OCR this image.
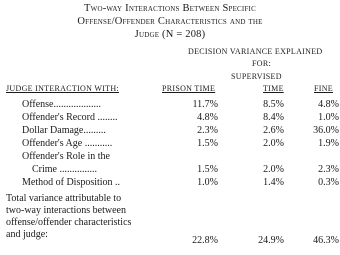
Two-way Interactions Between Specific
Offense/Offender Characteristics and the
Judge (N = 208)
DECISION VARIANCE EXPLAINED
FOR:
SUPERVISED
JUDGE INTERACTION WITH:	PRISON TIME	TIME	FINE
Offense...................	11.7%	8.5%	4.8%
Offender's Record ........	4.8%	8.4%	1.0%
Dollar Damage.........	2.3%	2.6%	36.0%
Offender's Age ...........	1.5%	2.0%	1.9%
Offender's Role in the
Crime ...............	1.5%	2.0%	2.3%
Method of Disposition ..	1.0%	1.4%	0.3%
Total variance attributable to
two-way interactions between
offense/offender characteristics
and judge:
22.8%	24.9%	46.3%
